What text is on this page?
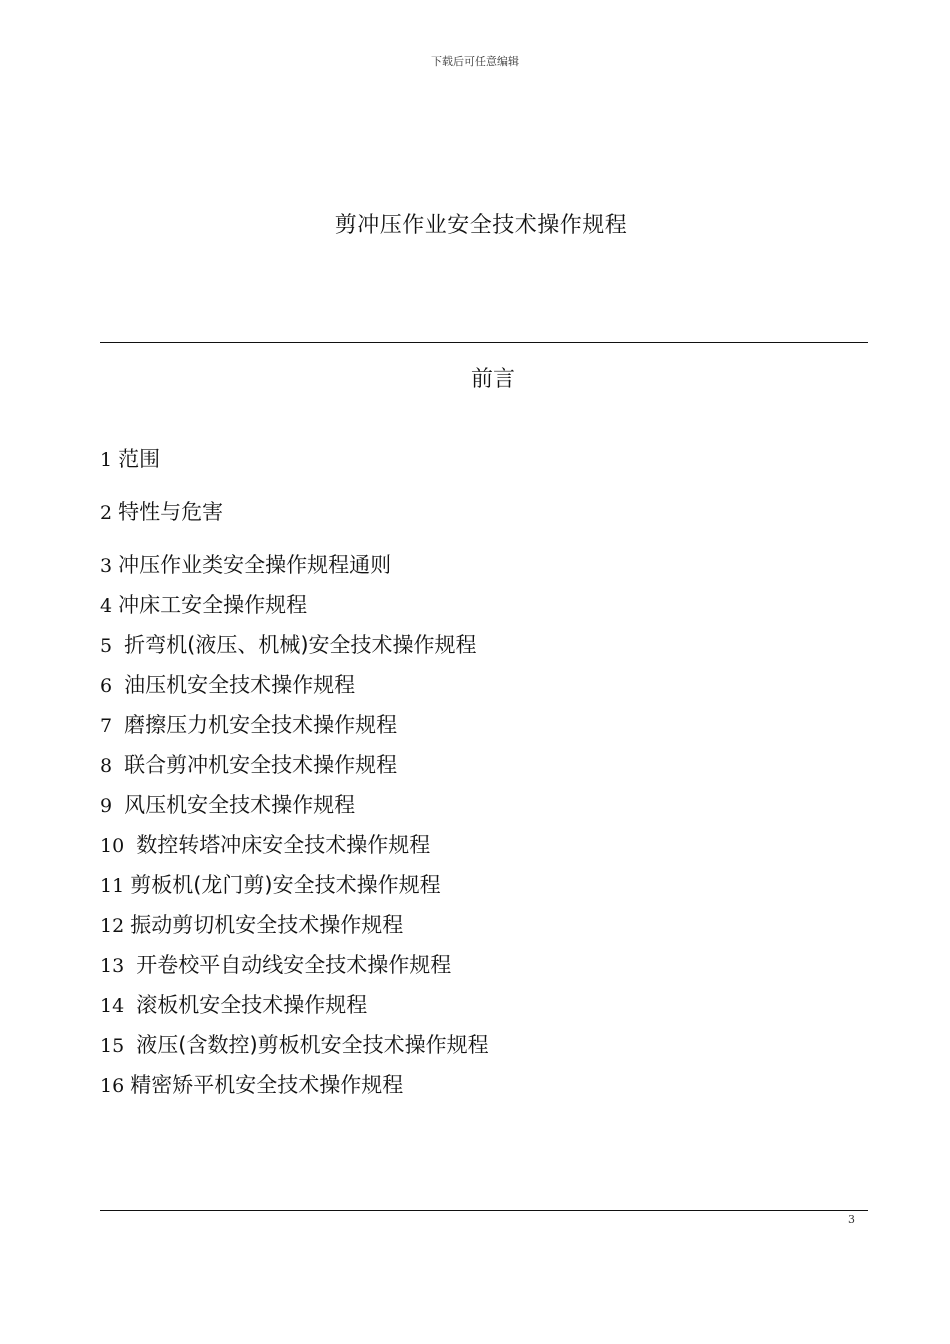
下载后可任意编辑
剪冲压作业安全技术操作规程
前言
1 范围
2 特性与危害
3 冲压作业类安全操作规程通则
4 冲床工安全操作规程
5  折弯机(液压、机械)安全技术操作规程
6  油压机安全技术操作规程
7  磨擦压力机安全技术操作规程
8  联合剪冲机安全技术操作规程
9  风压机安全技术操作规程
10  数控转塔冲床安全技术操作规程
11 剪板机(龙门剪)安全技术操作规程
12 振动剪切机安全技术操作规程
13  开卷校平自动线安全技术操作规程
14  滚板机安全技术操作规程
15  液压(含数控)剪板机安全技术操作规程
16 精密矫平机安全技术操作规程
3
